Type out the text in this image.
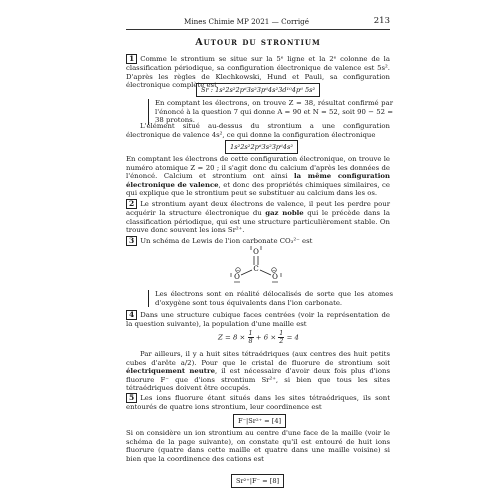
Mines Chimie MP 2021 — Corrigé	213
Autour du strontium

1 Comme le strontium se situe sur la 5ᵉ ligne et la 2ᵉ colonne de la classification périodique, sa configuration électronique de valence est 5s². D'après les règles de Klechkowski, Hund et Pauli, sa configuration électronique complète est

Sr : 1s²2s²2p⁶3s²3p⁶4s²3d¹⁰4p⁶ 5s²
En comptant les électrons, on trouve Z = 38, résultat confirmé par l'énoncé à la question 7 qui donne A = 90 et N = 52, soit 90 − 52 = 38 protons.

L'élément situé au-dessus du strontium a une configuration électronique de valence 4s², ce qui donne la configuration électronique

1s²2s²2p⁶3s²3p⁶4s²

En comptant les électrons de cette configuration électronique, on trouve le numéro atomique Z = 20 ; il s'agit donc du calcium d'après les données de l'énoncé. Calcium et strontium ont ainsi la même configuration électronique de valence, et donc des propriétés chimiques similaires, ce qui explique que le strontium peut se substituer au calcium dans les os.

2 Le strontium ayant deux électrons de valence, il peut les perdre pour acquérir la structure électronique du gaz noble qui le précède dans la classification périodique, qui est une structure particulièrement stable. On trouve donc souvent les ions Sr²⁺.

3 Un schéma de Lewis de l'ion carbonate CO₃²⁻ est

O
C
O	O
−	−
Les électrons sont en réalité délocalisés de sorte que les atomes d'oxygène sont tous équivalents dans l'ion carbonate.

4 Dans une structure cubique faces centrées (voir la représentation de la question suivante), la population d'une maille est

$Z = 8 \times \frac{1}{8} + 6 \times \frac{1}{2} = 4$

Par ailleurs, il y a huit sites tétraédriques (aux centres des huit petits cubes d'arête a/2). Pour que le cristal de fluorure de strontium soit électriquement neutre, il est nécessaire d'avoir deux fois plus d'ions fluorure F⁻ que d'ions strontium Sr²⁺, si bien que tous les sites tétraédriques doivent être occupés.

5 Les ions fluorure étant situés dans les sites tétraédriques, ils sont entourés de quatre ions strontium, leur coordinence est

F⁻|Sr²⁺ = [4]

Si on considère un ion strontium au centre d'une face de la maille (voir le schéma de la page suivante), on constate qu'il est entouré de huit ions fluorure (quatre dans cette maille et quatre dans une maille voisine) si bien que la coordinence des cations est

Sr²⁺|F⁻ = [8]
